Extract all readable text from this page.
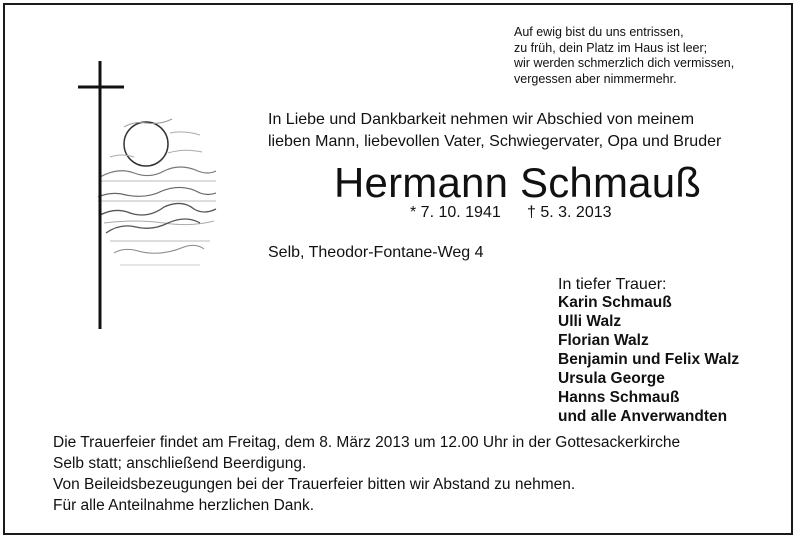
Auf ewig bist du uns entrissen,
zu früh, dein Platz im Haus ist leer;
wir werden schmerzlich dich vermissen,
vergessen aber nimmermehr.
In Liebe und Dankbarkeit nehmen wir Abschied von meinem
lieben Mann, liebevollen Vater, Schwiegervater, Opa und Bruder
Hermann Schmauß
* 7. 10. 1941 † 5. 3. 2013
Selb, Theodor-Fontane-Weg 4
In tiefer Trauer:
Karin Schmauß
Ulli Walz
Florian Walz
Benjamin und Felix Walz
Ursula George
Hanns Schmauß
und alle Anverwandten
Die Trauerfeier findet am Freitag, dem 8. März 2013 um 12.00 Uhr in der Gottesackerkirche
Selb statt; anschließend Beerdigung.
Von Beileidsbezeugungen bei der Trauerfeier bitten wir Abstand zu nehmen.
Für alle Anteilnahme herzlichen Dank.
